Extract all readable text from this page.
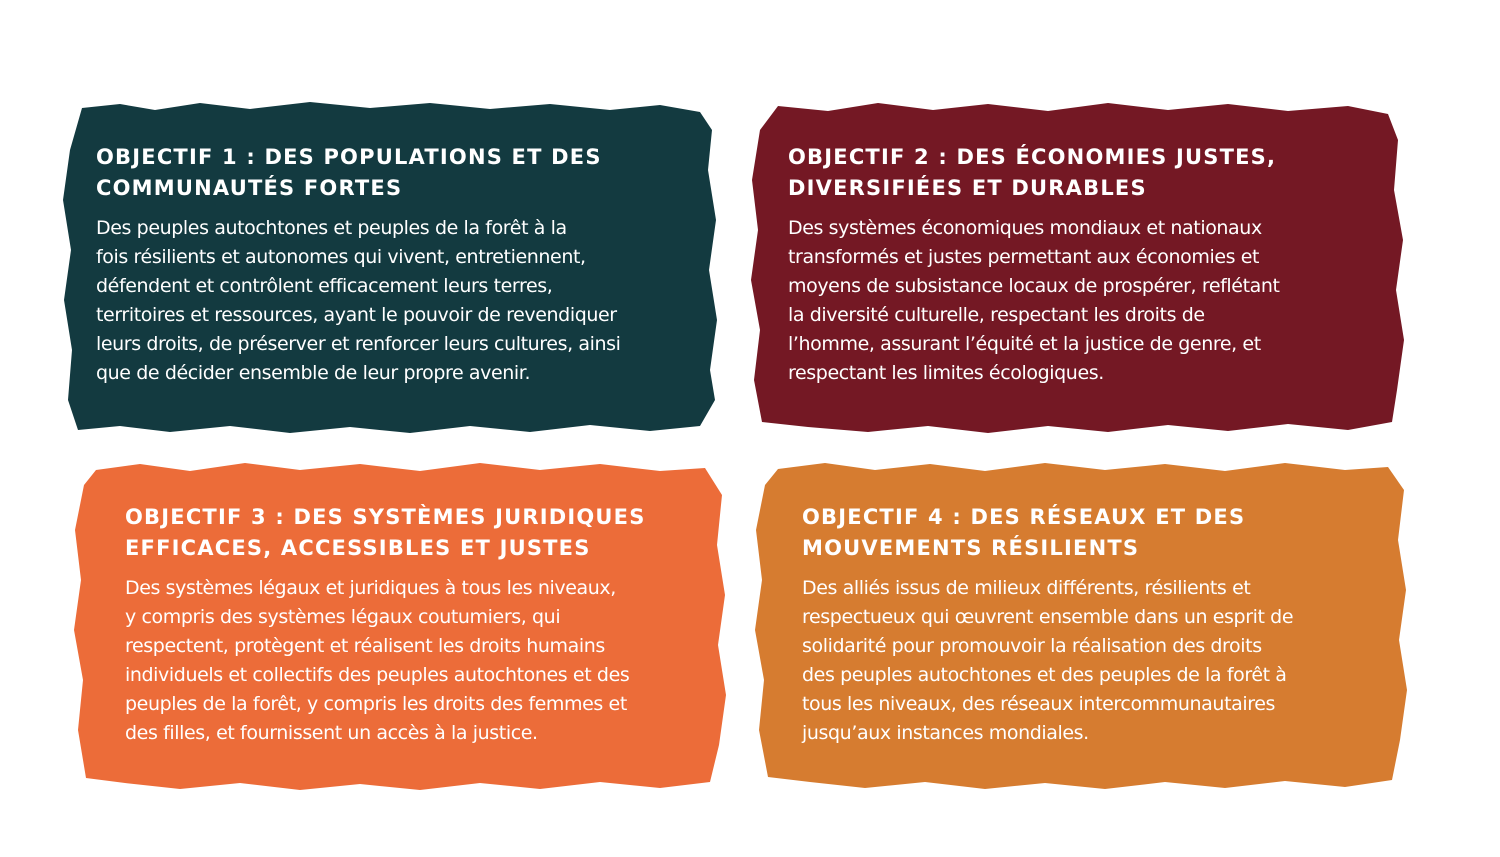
OBJECTIF 1 : DES POPULATIONS ET DES
COMMUNAUTÉS FORTES

Des peuples autochtones et peuples de la forêt à la
fois résilients et autonomes qui vivent, entretiennent,
défendent et contrôlent efficacement leurs terres,
territoires et ressources, ayant le pouvoir de revendiquer
leurs droits, de préserver et renforcer leurs cultures, ainsi
que de décider ensemble de leur propre avenir.

OBJECTIF 2 : DES ÉCONOMIES JUSTES,
DIVERSIFIÉES ET DURABLES

Des systèmes économiques mondiaux et nationaux
transformés et justes permettant aux économies et
moyens de subsistance locaux de prospérer, reflétant
la diversité culturelle, respectant les droits de
l’homme, assurant l’équité et la justice de genre, et
respectant les limites écologiques.

OBJECTIF 3 : DES SYSTÈMES JURIDIQUES
EFFICACES, ACCESSIBLES ET JUSTES

Des systèmes légaux et juridiques à tous les niveaux,
y compris des systèmes légaux coutumiers, qui
respectent, protègent et réalisent les droits humains
individuels et collectifs des peuples autochtones et des
peuples de la forêt, y compris les droits des femmes et
des filles, et fournissent un accès à la justice.

OBJECTIF 4 : DES RÉSEAUX ET DES
MOUVEMENTS RÉSILIENTS

Des alliés issus de milieux différents, résilients et
respectueux qui œuvrent ensemble dans un esprit de
solidarité pour promouvoir la réalisation des droits
des peuples autochtones et des peuples de la forêt à
tous les niveaux, des réseaux intercommunautaires
jusqu’aux instances mondiales.
